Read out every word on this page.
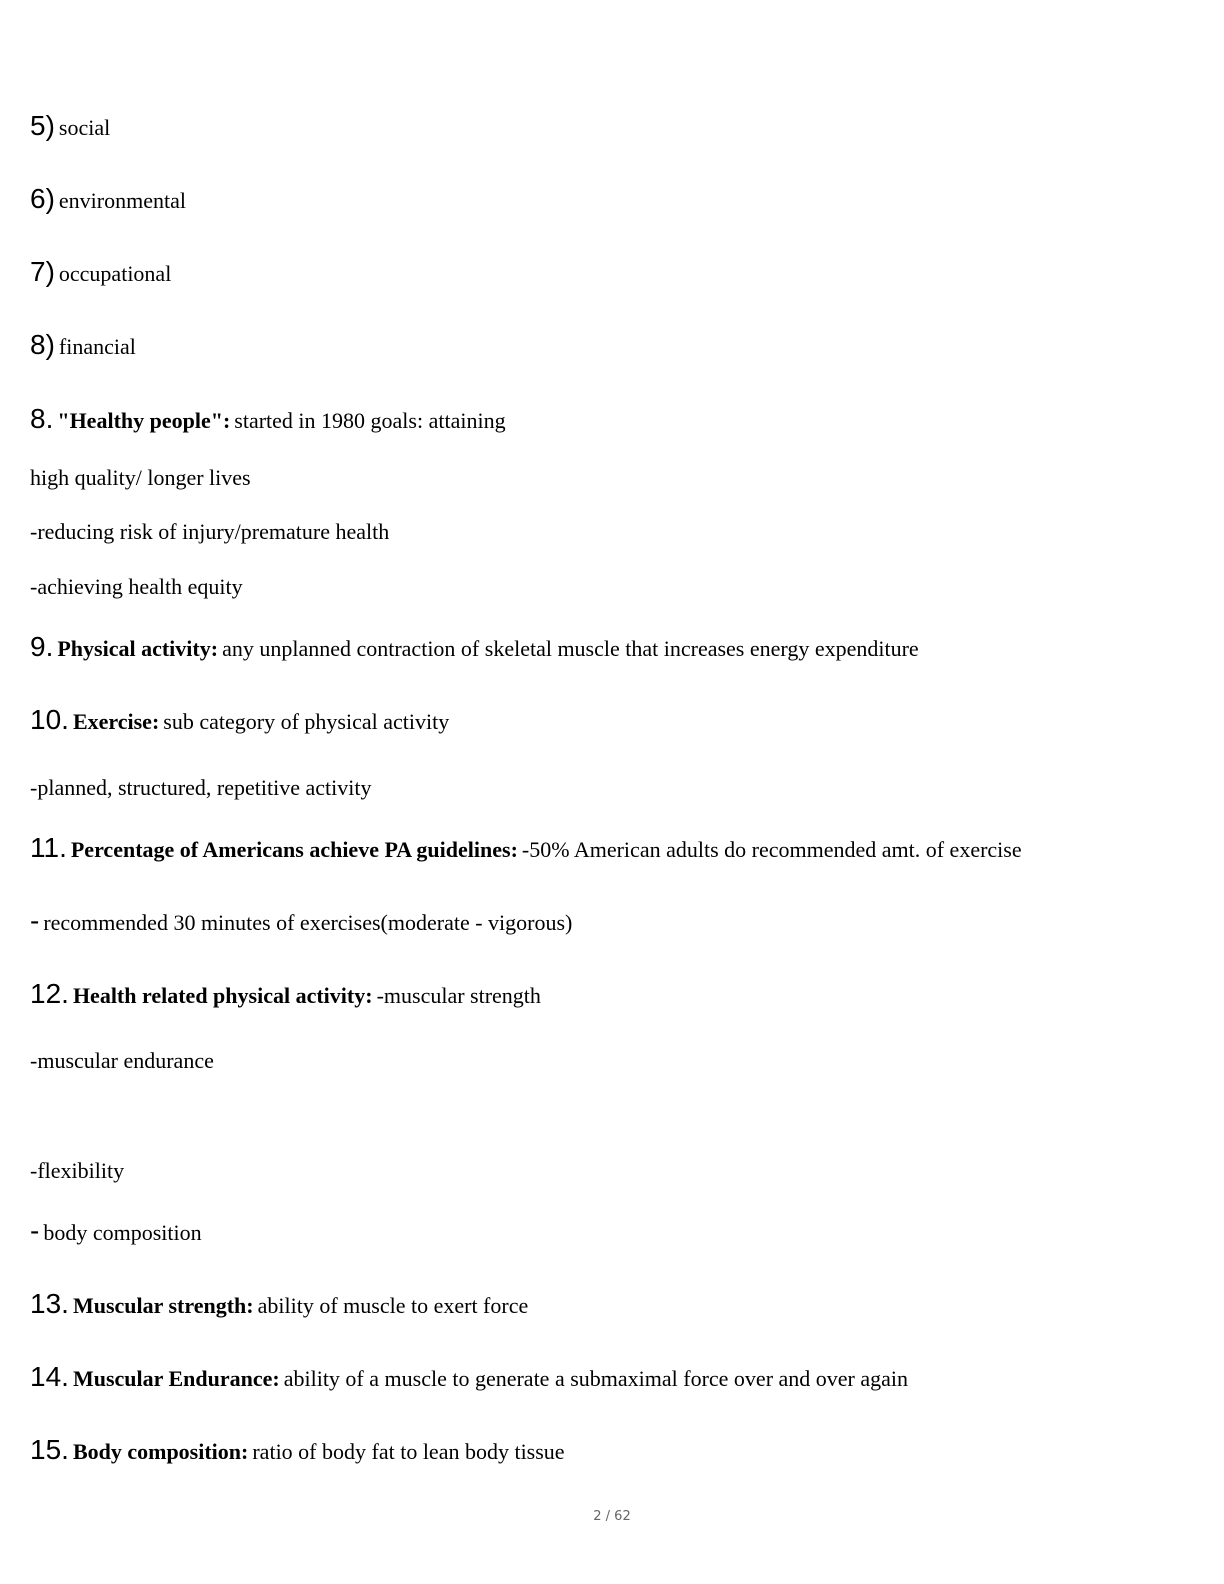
5) social
6) environmental
7) occupational
8) financial
8. "Healthy people": started in 1980 goals: attaining
high quality/ longer lives
-reducing risk of injury/premature health
-achieving health equity
9. Physical activity: any unplanned contraction of skeletal muscle that increases energy expenditure
10. Exercise: sub category of physical activity
-planned, structured, repetitive activity
11. Percentage of Americans achieve PA guidelines: -50% American adults do recommended amt. of exercise
- recommended 30 minutes of exercises(moderate - vigorous)
12. Health related physical activity: -muscular strength
-muscular endurance
-flexibility
- body composition
13. Muscular strength: ability of muscle to exert force
14. Muscular Endurance: ability of a muscle to generate a submaximal force over and over again
15. Body composition: ratio of body fat to lean body tissue
2 / 62
